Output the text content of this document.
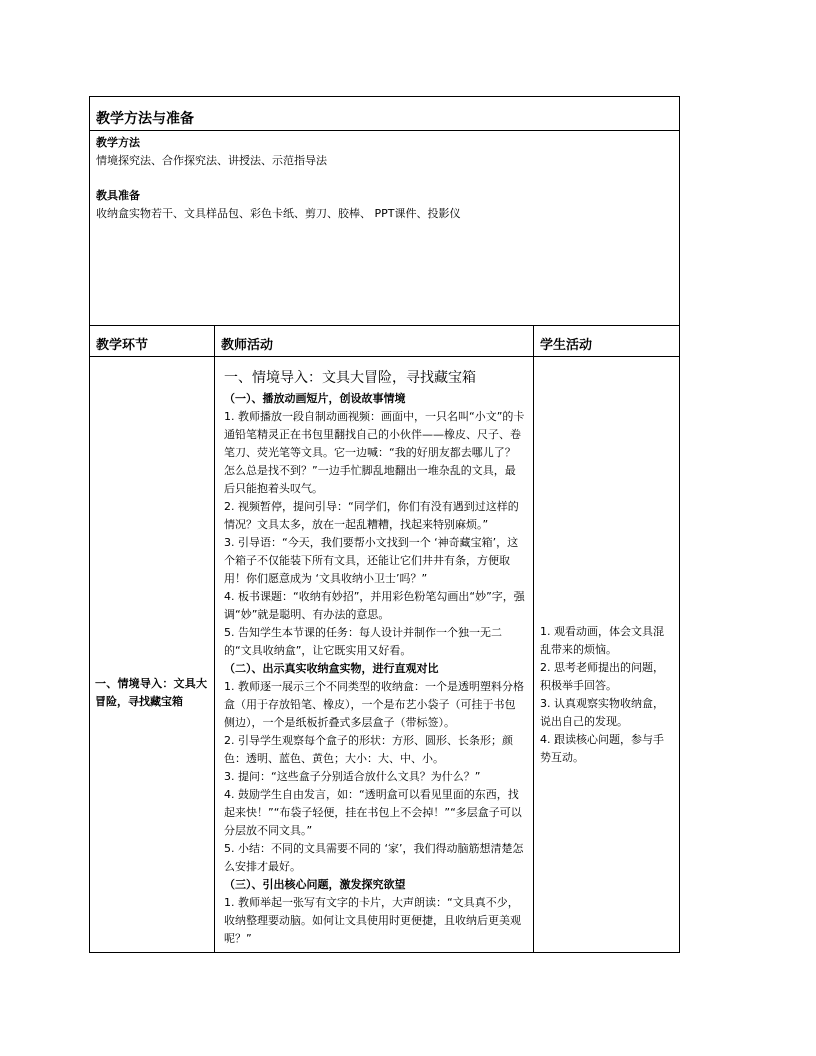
教学方法与准备
教学方法
情境探究法、合作探究法、讲授法、示范指导法
教具准备
收纳盒实物若干、文具样品包、彩色卡纸、剪刀、胶棒、 PPT课件、投影仪
教学环节	教师活动	学生活动
一、情境导入：文具大冒险，寻找藏宝箱

一、情境导入：文具大冒险，寻找藏宝箱

（一）、播放动画短片，创设故事情境

1. 教师播放一段自制动画视频：画面中，一只名叫“小文”的卡通铅笔精灵正在书包里翻找自己的小伙伴——橡皮、尺子、卷笔刀、荧光笔等文具。它一边喊：“我的好朋友都去哪儿了？怎么总是找不到？”一边手忙脚乱地翻出一堆杂乱的文具，最后只能抱着头叹气。

2. 视频暂停，提问引导：“同学们，你们有没有遇到过这样的情况？文具太多，放在一起乱糟糟，找起来特别麻烦。”

3. 引导语：“今天，我们要帮小文找到一个 ‘神奇藏宝箱’，这个箱子不仅能装下所有文具，还能让它们井井有条，方便取用！你们愿意成为 ‘文具收纳小卫士’吗？”

4. 板书课题：“收纳有妙招”，并用彩色粉笔勾画出“妙”字，强调“妙”就是聪明、有办法的意思。

5. 告知学生本节课的任务：每人设计并制作一个独一无二的“文具收纳盒”，让它既实用又好看。

（二）、出示真实收纳盒实物，进行直观对比

1. 教师逐一展示三个不同类型的收纳盒：一个是透明塑料分格盒（用于存放铅笔、橡皮），一个是布艺小袋子（可挂于书包侧边），一个是纸板折叠式多层盒子（带标签）。

2. 引导学生观察每个盒子的形状：方形、圆形、长条形；颜色：透明、蓝色、黄色；大小：大、中、小。

3. 提问：“这些盒子分别适合放什么文具？为什么？”

4. 鼓励学生自由发言，如：“透明盒可以看见里面的东西，找起来快！”“布袋子轻便，挂在书包上不会掉！”“多层盒子可以分层放不同文具。”

5. 小结：不同的文具需要不同的 ‘家’，我们得动脑筋想清楚怎么安排才最好。

（三）、引出核心问题，激发探究欲望

1. 教师举起一张写有文字的卡片，大声朗读：“文具真不少，收纳整理要动脑。如何让文具使用时更便捷，且收纳后更美观呢？”

1. 观看动画，体会文具混乱带来的烦恼。

2. 思考老师提出的问题，积极举手回答。

3. 认真观察实物收纳盒，说出自己的发现。

4. 跟读核心问题，参与手势互动。
